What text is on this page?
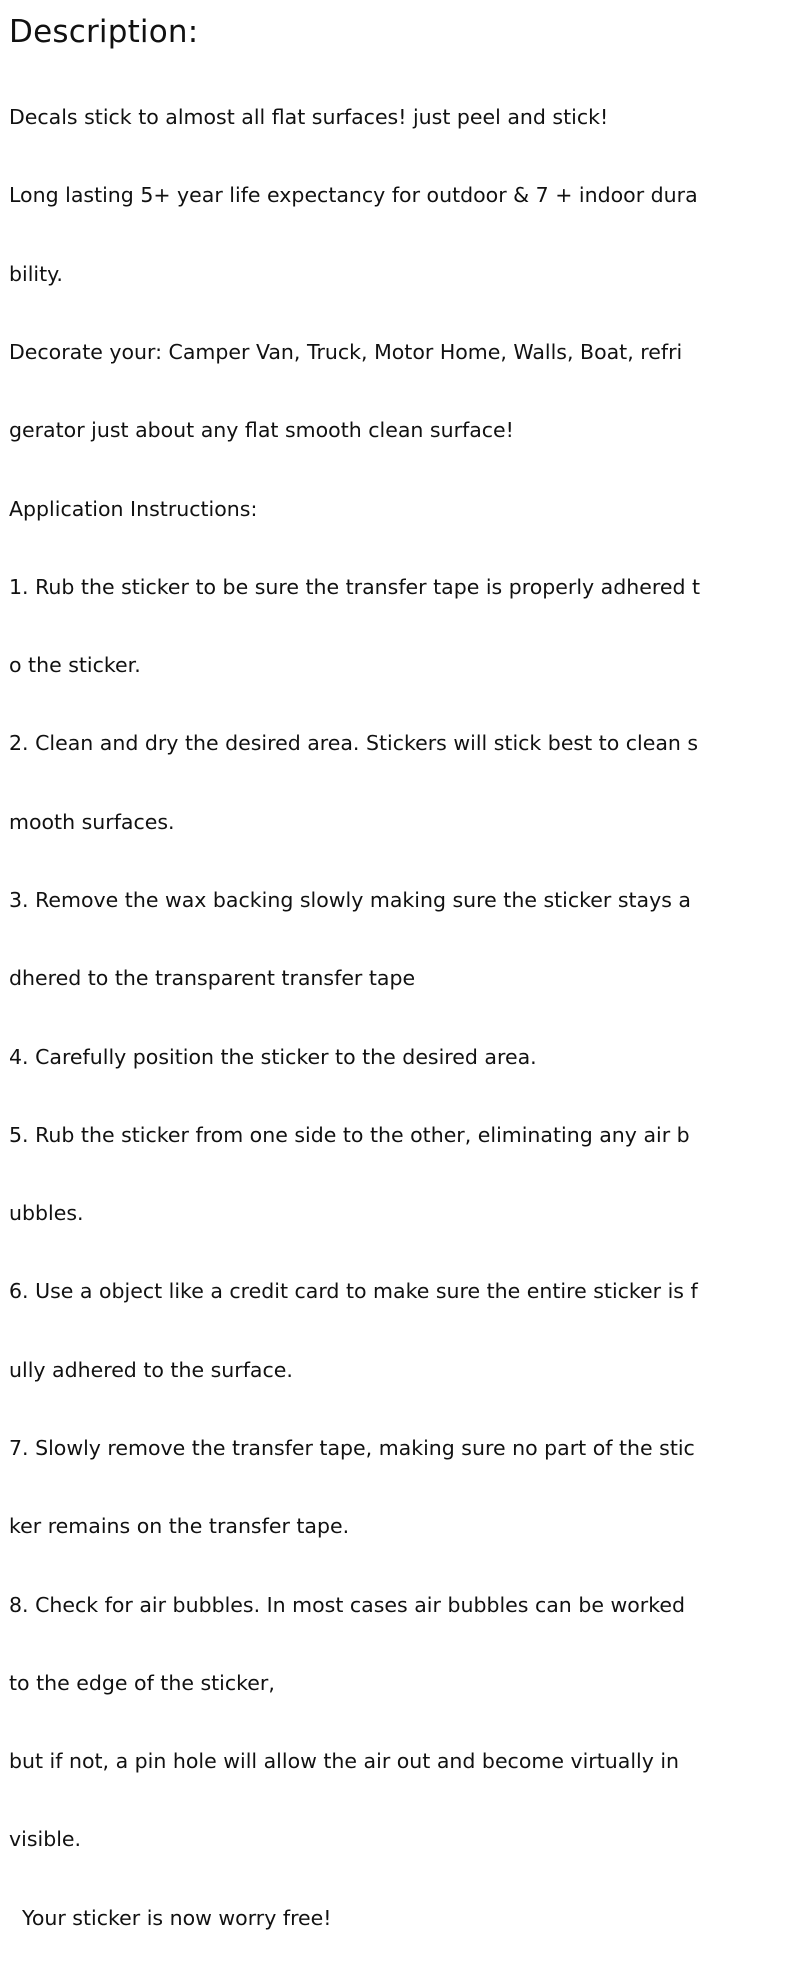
Description:

Decals stick to almost all flat surfaces! just peel and stick!

Long lasting 5+ year life expectancy for outdoor & 7 + indoor dura

bility.

Decorate your: Camper Van, Truck, Motor Home, Walls, Boat, refri

gerator just about any flat smooth clean surface!

Application Instructions:

1. Rub the sticker to be sure the transfer tape is properly adhered t

o the sticker.

2. Clean and dry the desired area. Stickers will stick best to clean s

mooth surfaces.

3. Remove the wax backing slowly making sure the sticker stays a

dhered to the transparent transfer tape

4. Carefully position the sticker to the desired area.

5. Rub the sticker from one side to the other, eliminating any air b

ubbles.

6. Use a object like a credit card to make sure the entire sticker is f

ully adhered to the surface.

7. Slowly remove the transfer tape, making sure no part of the stic

ker remains on the transfer tape.

8. Check for air bubbles. In most cases air bubbles can be worked

to the edge of the sticker,

but if not, a pin hole will allow the air out and become virtually in

visible.

Your sticker is now worry free!
